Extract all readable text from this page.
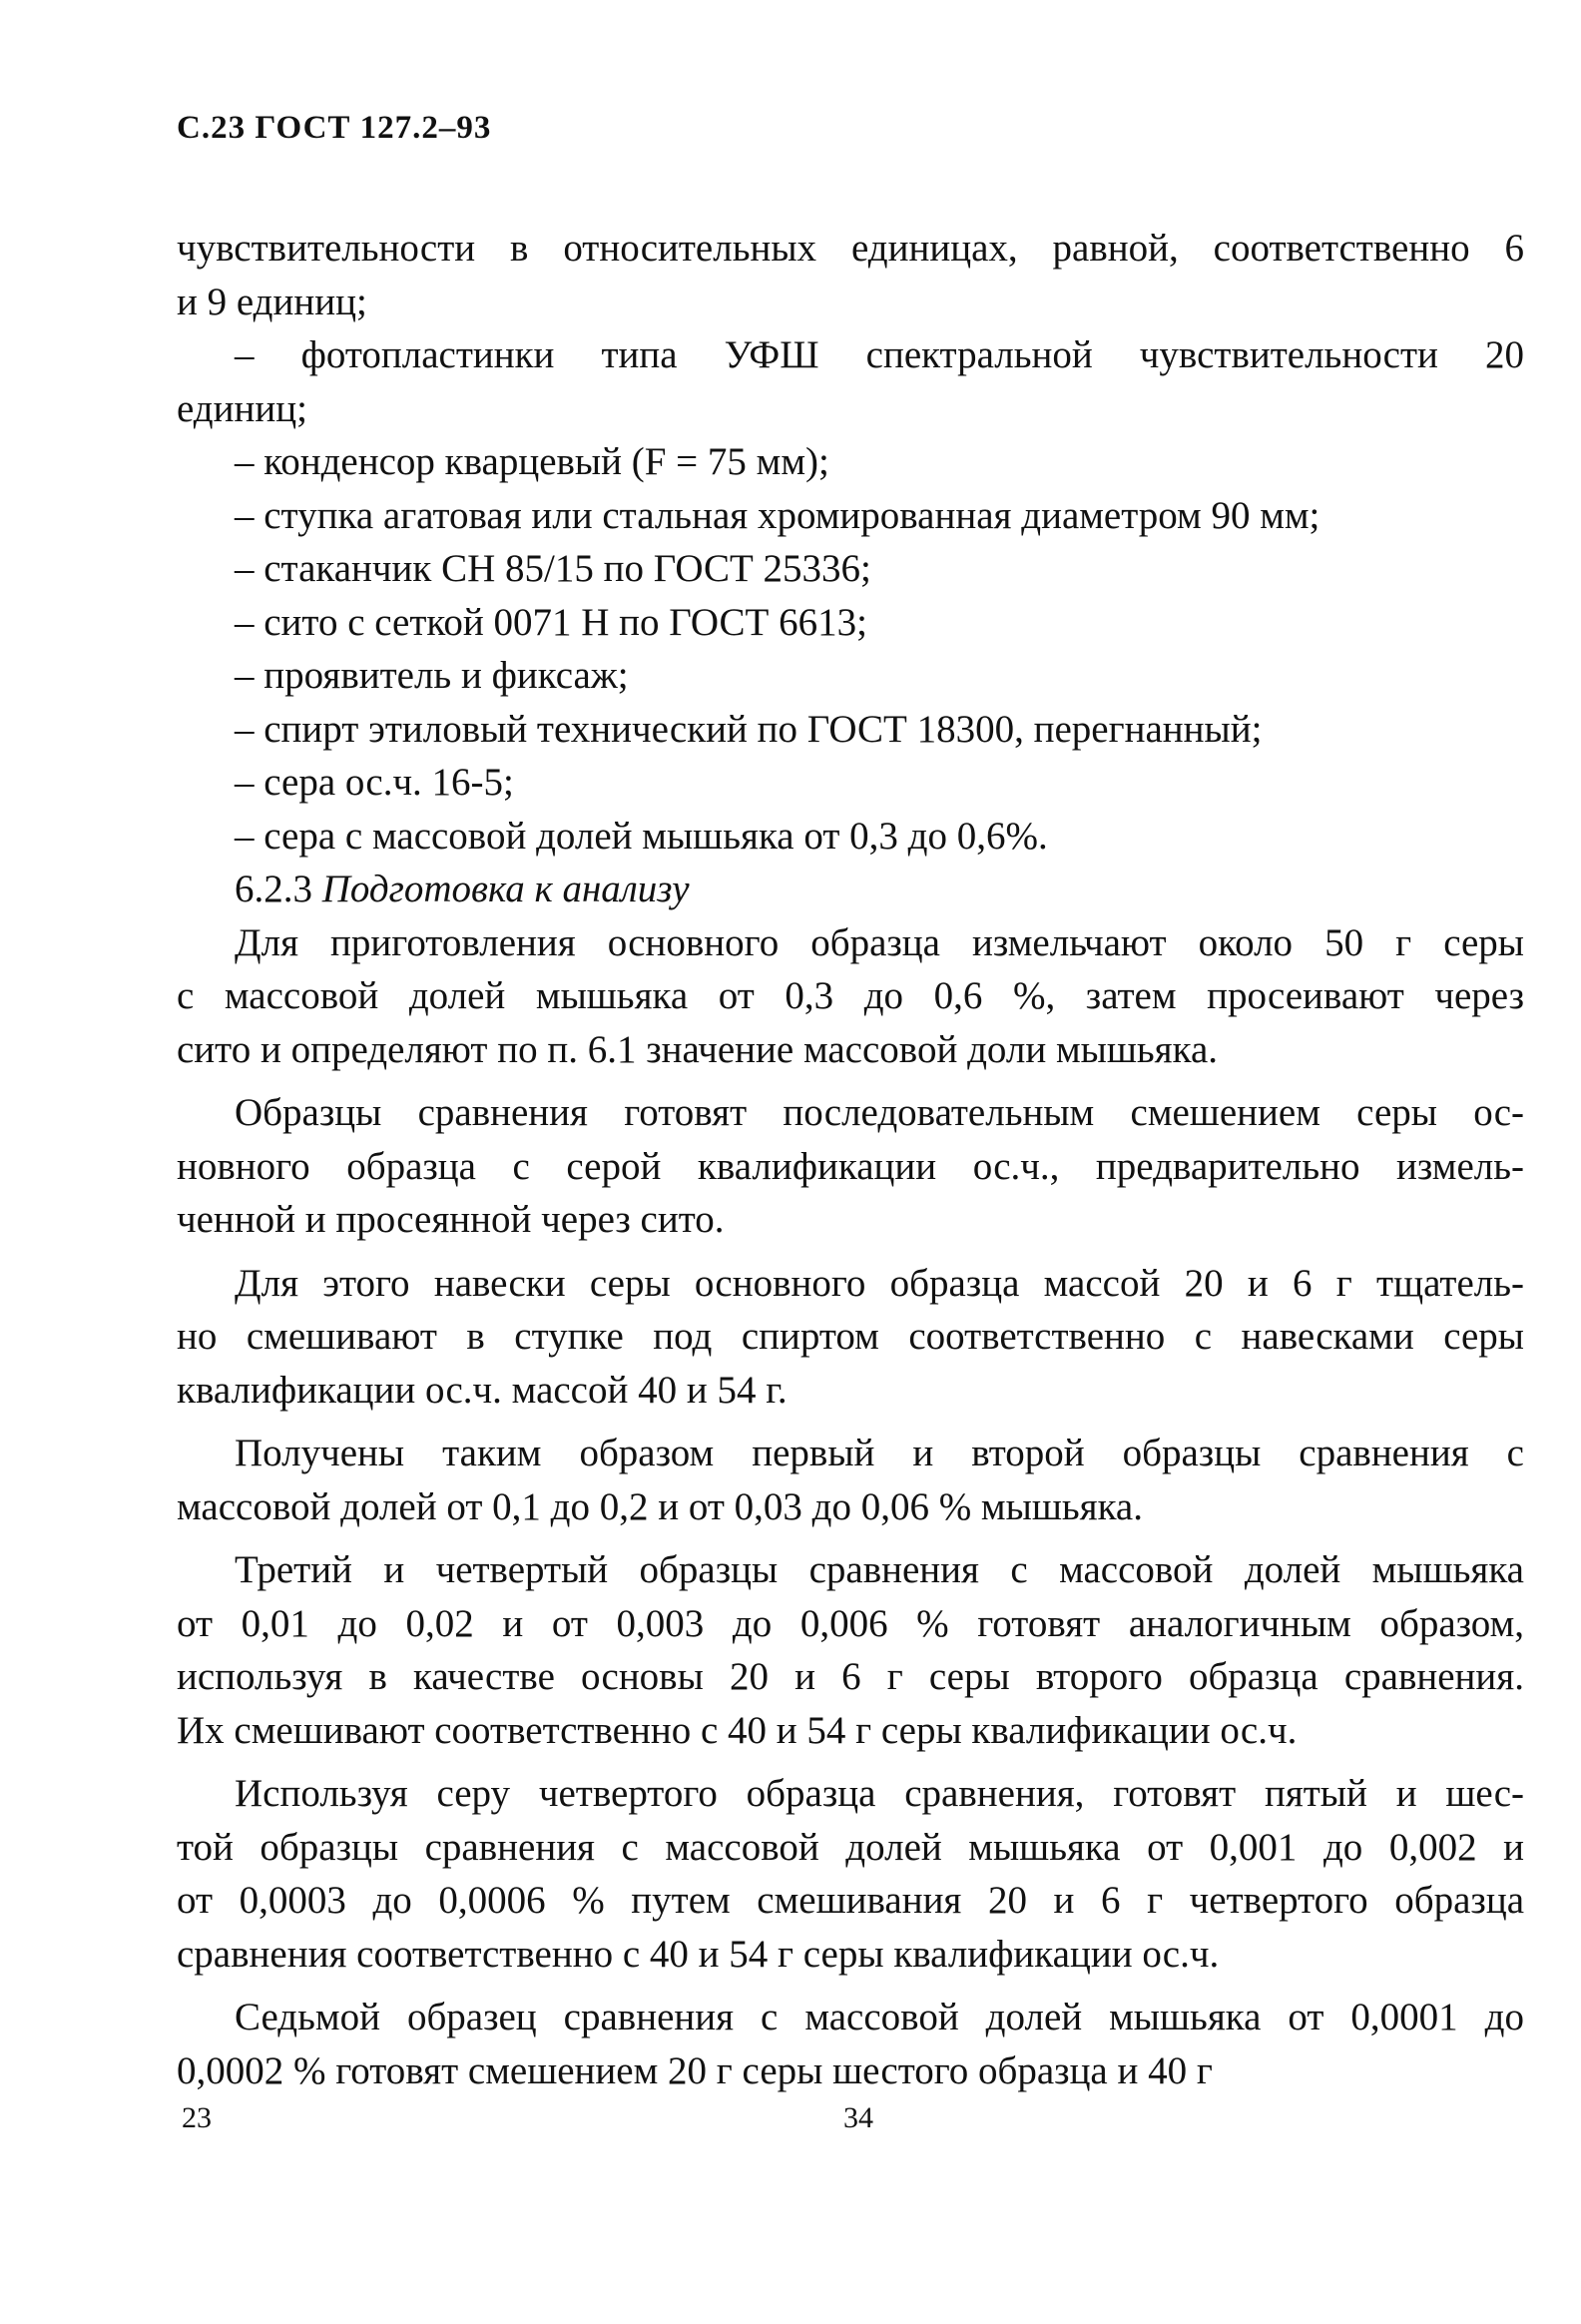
С.23 ГОСТ 127.2–93
чувствительности в относительных единицах, равной, соответственно 6
и 9 единиц;
– фотопластинки типа УФШ спектральной чувствительности 20
единиц;
– конденсор кварцевый (F = 75 мм);
– ступка агатовая или стальная хромированная диаметром 90 мм;
– стаканчик СН 85/15 по ГОСТ 25336;
– сито с сеткой 0071 Н по ГОСТ 6613;
– проявитель и фиксаж;
– спирт этиловый технический по ГОСТ 18300, перегнанный;
– сера ос.ч. 16-5;
– сера с массовой долей мышьяка от 0,3 до 0,6%.
6.2.3 Подготовка к анализу
Для приготовления основного образца измельчают около 50 г серы
с массовой долей мышьяка от 0,3 до 0,6 %, затем просеивают через
сито и определяют по п. 6.1 значение массовой доли мышьяка.
Образцы сравнения готовят последовательным смешением серы ос-
новного образца с серой квалификации ос.ч., предварительно измель-
ченной и просеянной через сито.
Для этого навески серы основного образца массой 20 и 6 г тщатель-
но смешивают в ступке под спиртом соответственно с навесками серы
квалификации ос.ч. массой 40 и 54 г.
Получены таким образом первый и второй образцы сравнения с
массовой долей от 0,1 до 0,2 и от 0,03 до 0,06 % мышьяка.
Третий и четвертый образцы сравнения с массовой долей мышьяка
от 0,01 до 0,02 и от 0,003 до 0,006 % готовят аналогичным образом,
используя в качестве основы 20 и 6 г серы второго образца сравнения.
Их смешивают соответственно с 40 и 54 г серы квалификации ос.ч.
Используя серу четвертого образца сравнения, готовят пятый и шес-
той образцы сравнения с массовой долей мышьяка от 0,001 до 0,002 и
от 0,0003 до 0,0006 % путем смешивания 20 и 6 г четвертого образца
сравнения соответственно с 40 и 54 г серы квалификации ос.ч.
Седьмой образец сравнения с массовой долей мышьяка от 0,0001 до
0,0002 % готовят смешением 20 г серы шестого образца и 40 г
23	34
